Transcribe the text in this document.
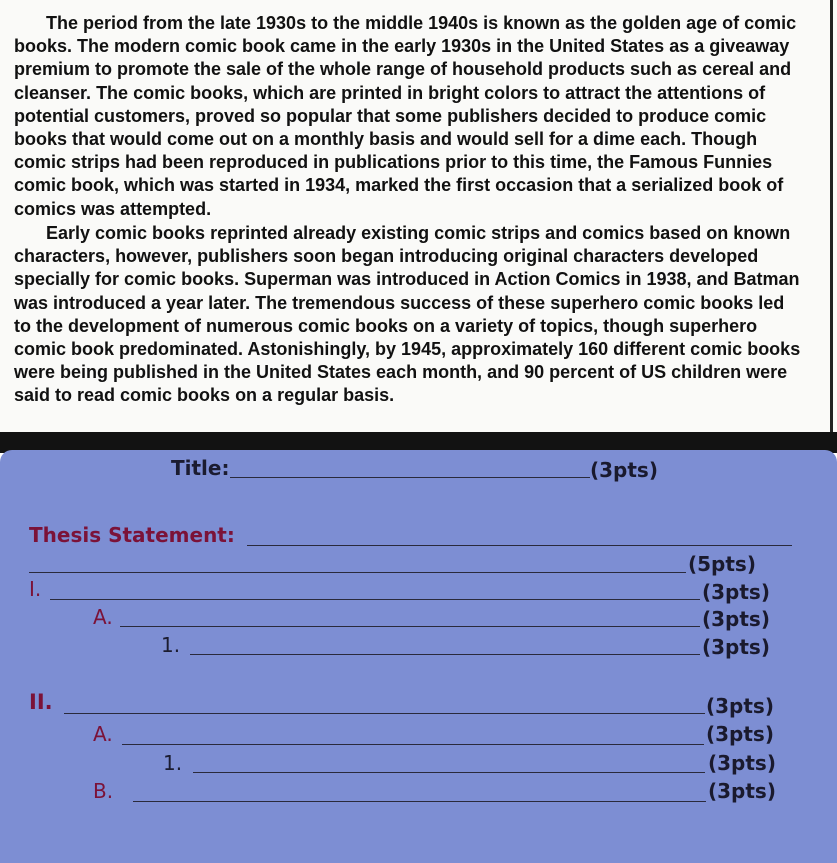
The period from the late 1930s to the middle 1940s is known as the golden age of comic books. The modern comic book came in the early 1930s in the United States as a giveaway premium to promote the sale of the whole range of household products such as cereal and cleanser. The comic books, which are printed in bright colors to attract the attentions of potential customers, proved so popular that some publishers decided to produce comic books that would come out on a monthly basis and would sell for a dime each. Though comic strips had been reproduced in publications prior to this time, the Famous Funnies comic book, which was started in 1934, marked the first occasion that a serialized book of comics was attempted.

Early comic books reprinted already existing comic strips and comics based on known characters, however, publishers soon began introducing original characters developed specially for comic books. Superman was introduced in Action Comics in 1938, and Batman was introduced a year later. The tremendous success of these superhero comic books led to the development of numerous comic books on a variety of topics, though superhero comic book predominated. Astonishingly, by 1945, approximately 160 different comic books were being published in the United States each month, and 90 percent of US children were said to read comic books on a regular basis.

Title:	(3pts)
Thesis Statement:
(5pts)
I.	(3pts)
A.	(3pts)
1.	(3pts)
II.	(3pts)
A.	(3pts)
1.	(3pts)
B.	(3pts)
